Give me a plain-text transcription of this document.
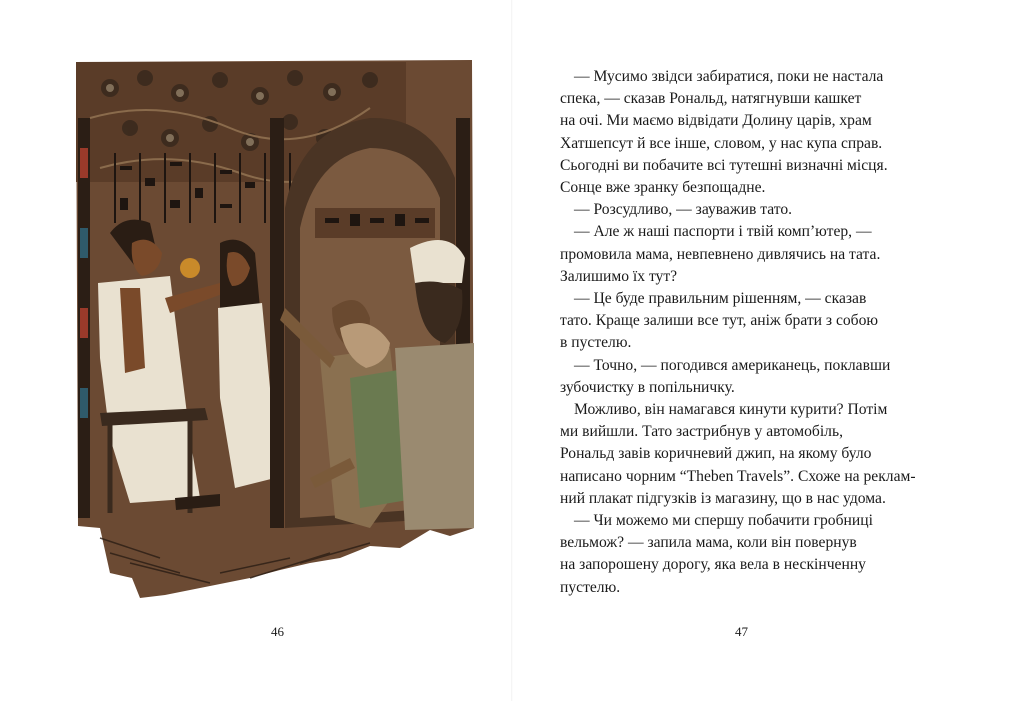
46
— Мусимо звідси забиратися, поки не настала
спека, — сказав Рональд, натягнувши кашкет
на очі. Ми маємо відвідати Долину царів, храм
Хатшепсут й все інше, словом, у нас купа справ.
Сьогодні ви побачите всі тутешні визначні місця.
Сонце вже зранку безпощадне.
— Розсудливо, — зауважив тато.
— Але ж наші паспорти і твій комп’ютер, —
промовила мама, невпевнено дивлячись на тата.
Залишимо їх тут?
— Це буде правильним рішенням, — сказав
тато. Краще залиши все тут, аніж брати з собою
в пустелю.
— Точно, — погодився американець, поклавши
зубочистку в попільничку.
Можливо, він намагався кинути курити? Потім
ми вийшли. Тато застрибнув у автомобіль,
Рональд завів коричневий джип, на якому було
написано чорним “Theben Travels”. Схоже на реклам-
ний плакат підгузків із магазину, що в нас удома.
— Чи можемо ми спершу побачити гробниці
вельмож? — запила мама, коли він повернув
на запорошену дорогу, яка вела в нескінченну
пустелю.
47
